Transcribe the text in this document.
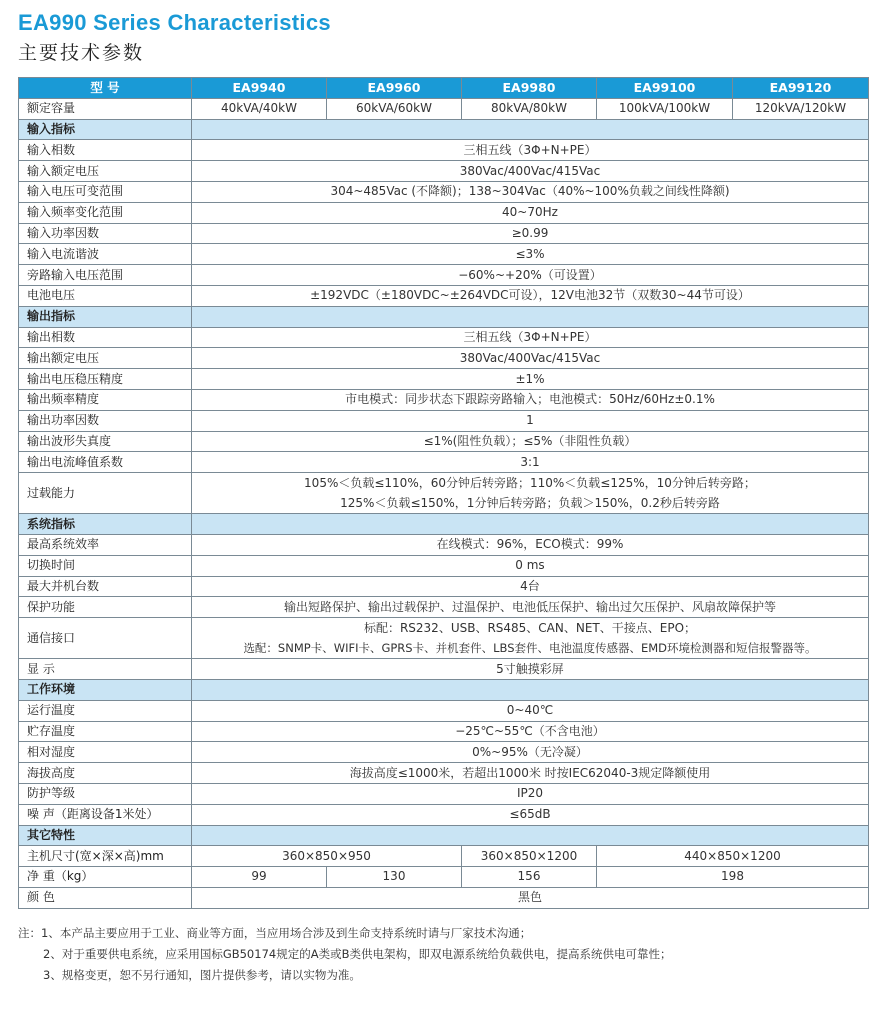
EA990 Series Characteristics
主要技术参数
型 号	EA9940	EA9960	EA9980	EA99100	EA99120
额定容量	40kVA/40kW	60kVA/60kW	80kVA/80kW	100kVA/100kW	120kVA/120kW
输入指标					
输入相数	三相五线（3Φ+N+PE）				
输入额定电压	380Vac/400Vac/415Vac				
输入电压可变范围	304~485Vac (不降额)；138~304Vac（40%~100%负载之间线性降额)				
输入频率变化范围	40~70Hz				
输入功率因数	≥0.99				
输入电流谐波	≤3%				
旁路输入电压范围	−60%~+20%（可设置）				
电池电压	±192VDC（±180VDC~±264VDC可设），12V电池32节（双数30~44节可设）				
输出指标					
输出相数	三相五线（3Φ+N+PE）				
输出额定电压	380Vac/400Vac/415Vac				
输出电压稳压精度	±1%				
输出频率精度	市电模式：同步状态下跟踪旁路输入；电池模式：50Hz/60Hz±0.1%				
输出功率因数	1				
输出波形失真度	≤1%(阻性负载）；≤5%（非阻性负载）				
输出电流峰值系数	3:1				
过载能力	105%＜负载≤110%，60分钟后转旁路；110%＜负载≤125%，10分钟后转旁路；
125%＜负载≤150%，1分钟后转旁路；负载＞150%，0.2秒后转旁路				

系统指标					
最高系统效率	在线模式：96%，ECO模式：99%				
切换时间	0 ms				
最大并机台数	4台				
保护功能	输出短路保护、输出过载保护、过温保护、电池低压保护、输出过欠压保护、风扇故障保护等				
通信接口	标配：RS232、USB、RS485、CAN、NET、干接点、EPO；
选配：SNMP卡、WIFI卡、GPRS卡、并机套件、LBS套件、电池温度传感器、EMD环境检测器和短信报警器等。				

显 示	5寸触摸彩屏				
工作环境					
运行温度	0~40℃				
贮存温度	−25℃~55℃（不含电池）				
相对湿度	0%~95%（无冷凝）				
海拔高度	海拔高度≤1000米，若超出1000米 时按IEC62040-3规定降额使用				
防护等级	IP20				
噪 声（距离设备1米处）	≤65dB				
其它特性					
主机尺寸(宽×深×高)mm	360×850×950		360×850×1200	440×850×1200	
净 重（kg）	99	130	156	198	
颜 色	黑色				
注：1、本产品主要应用于工业、商业等方面，当应用场合涉及到生命支持系统时请与厂家技术沟通；
2、对于重要供电系统，应采用国标GB50174规定的A类或B类供电架构，即双电源系统给负载供电，提高系统供电可靠性；
3、规格变更，恕不另行通知，图片提供参考，请以实物为准。
